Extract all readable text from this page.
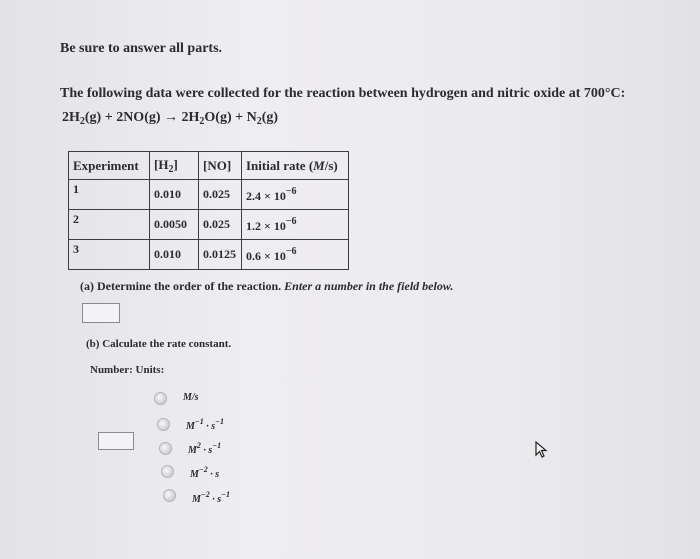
Be sure to answer all parts.
The following data were collected for the reaction between hydrogen and nitric oxide at 700°C:
$2H_2(g) + 2NO(g) \to 2H_2O(g) + N_2(g)$
Experiment	$[H_2]$	[NO]	Initial rate (M/s)
1	0.010	0.025	$2.4 \times 10^{-6}$
2	0.0050	0.025	$1.2 \times 10^{-6}$
3	0.010	0.0125	$0.6 \times 10^{-6}$
(a) Determine the order of the reaction. Enter a number in the field below.
(b) Calculate the rate constant.
Number: Units:
M/s
$M^{-1} \cdot s^{-1}$
$M^2 \cdot s^{-1}$
$M^{-2} \cdot s$
$M^{-2} \cdot s^{-1}$
